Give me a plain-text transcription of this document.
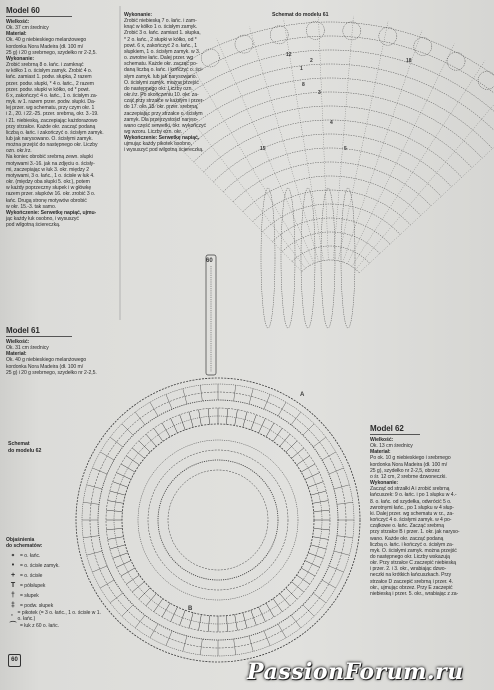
60
A
B
1
2
3
4
5
8
12
15
18
Model 60

Wielkość:

Ok. 37 cm średnicy

Materiał:

Ok. 40 g niebieskiego melanżowego

kordonka Nora Madeira (dł. 100 m/

25 g) i 20 g srebrnego, szydełko nr 2-2,5.

Wykonanie:

Zrobić srebrną 8 o. łańc. i zamknąć

w kółko 1 o. ścisłym zamyk. Zrobić 4 o.

łańc. zamiast 1. podw. słupka, 2 razem

przer. podw. słupki, * 4 o. łańc., 2 razem

przer. podw. słupki w kółko, od * powt.

6 x, zakończyć 4 o. łańc., 1 o. ścisłym za-

myk. w 1. razem przer. podw. słupki. Da-

lej przer. wg schematu, przy czym okr. 1

i 2., 20. i 22.-25. przer. srebrną, okr. 3.-19.

i 21. niebieską, zaczepiając każdorazowo

przy strzałce. Każde okr. zacząć podaną

liczbą o. łańc. i zakończyć o. ścisłym zamyk.

lub jak narysowano. O. ścisłymi zamyk.

można przejść do następnego okr. Liczby

ozn. okr./rz.

Na koniec obrobić srebrną zewn. słupki

motywami 3.-16. jak na zdjęciu o. ścisły-

mi, zaczepiając w łuk 3. okr. między 2

motywami, 3 o. łańc., 1 o. ścisłe w łuk 4.

okr. (między oba słupki 5. okr.), potem

w każdy poprzeczny słupek i w główkę

razem przer. słupków 16. okr. zrobić 3 o.

łańc. Drugą stronę motywów obrobić

w okr. 15.-3. tak samo.

Wykończenie: Serwetkę napiąć, ujmu-

jąc każdy łuk osobno, i wysuszyć

pod wilgotną ściereczką.

Wykonanie:

Zrobić niebieską 7 o. łańc. i zam-

knąć w kółko 1 o. ścisłym zamyk.

Zrobić 3 o. łańc. zamiast 1. słupka,

* 2 o. łańc., 2 słupki w kółko, od *

powt. 6 x, zakończyć 2 o. łańc., 1

słupkiem, 1 o. ścisłym zamyk. w 3.

o. zwrotne łańc. Dalej przer. wg

schematu. Każde okr. zacząć po-

daną liczbą o. łańc. i kończyć o. ści-

słym zamyk. lub jak narysowano.

O. ścisłymi zamyk. można przejść

do następnego okr. Liczby ozn.

okr./rz. Po skończeniu 10. okr. za-

cząć przy strzałce w każdym i przer-

do 17. okr. 18. okr. przer. srebrną,

zaczepiając przy strzałce o. ścisłym

zamyk. Dla przejrzystości naryso-

wano część serwetki, okr. wykończyć

wg wzoru. Liczby ozn. okr.

Wykończenie: Serwetkę napiąć,

ujmując każdy pikotek osobno,

i wysuszyć pod wilgotną ściereczką.

Model 61

Wielkość:

Ok. 31 cm średnicy

Materiał:

Ok. 40 g niebieskiego melanżowego

kordonka Nora Madeira (dł. 100 m/

25 g) i 20 g srebrnego, szydełko nr 2-2,5.

Model 62

Wielkość:

Ok. 13 cm średnicy

Materiał:

Po ok. 10 g niebieskiego i srebrnego

kordonka Nora Madeira (dł. 100 m/

25 g), szydełko nr 2-2,5, obrzez

o śr. 12 cm, 2 srebrne dzwoneczki.

Wykonanie:

Zacząć od strzałki A i zrobić srebrną

łańcuszek: 9 o. łańc. i po 1 słupku w 4.-

8. o. łańc. od szydełka, odwrócić 5 o.

zwrotnymi łańc., po 1 słupku w 4 słup-

ki. Dalej przer. wg schematu w rz., za-

kończyć 4 o. ścisłymi zamyk. w 4 po-

czątkowe o. łańc. Zacząć srebrną

przy strzałce B i przer. 1. okr. jak naryso-

wano. Każde okr. zacząć podaną

liczbą o. łańc. i kończyć o. ścisłym za-

myk. O. ścisłymi zamyk. można przejść

do następnego okr. Liczby wskazują

okr. Przy strzałce C zaczepić niebieską

i przer. 2. i 3. okr., wrabiając dzwo-

neczki na krótkich łańcuszkach. Przy

strzałce D zaczepić srebrną i przer. 4.

okr., ujmując obrzez. Przy E zaczepić

niebieską i przer. 5. okr., wrabiając z za-

Schemat do modelu 61
Schemat
do modelu 62
Objaśnienia
do schematów:
∘ = o. łańc.
•	= o. ścisłe zamyk.
+ = o. ścisłe
T = półsłupek
†	= słupek
‡	= podw. słupek
◦ = pikotek (= 3 o. łańc., 1 o. ścisłe w 1. o. łańc.)
⌒ = łuk z 60 o. łańc.
60	PassionForum.ru
